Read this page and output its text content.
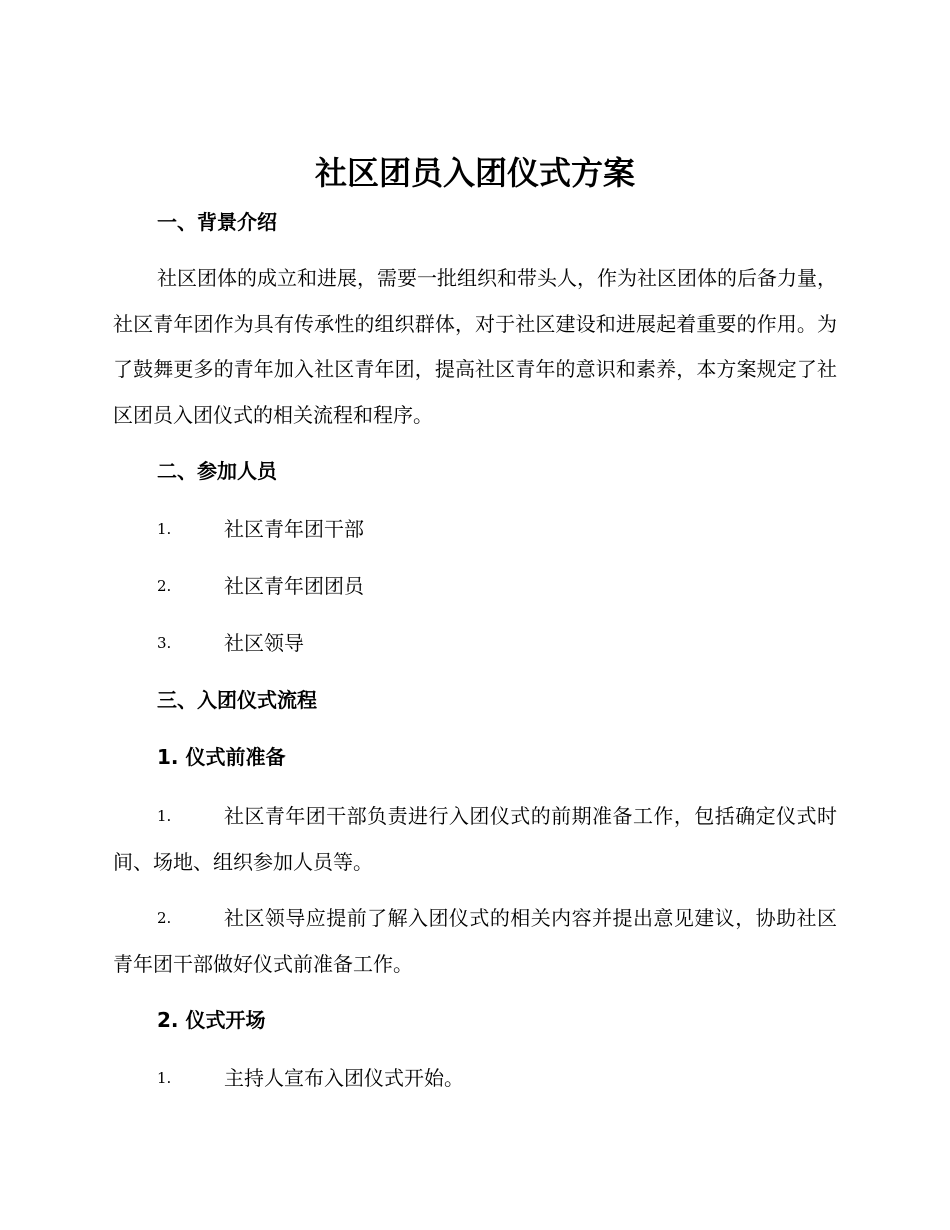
社区团员入团仪式方案
一、背景介绍

社区团体的成立和进展，需要一批组织和带头人，作为社区团体的后备力量，社区青年团作为具有传承性的组织群体，对于社区建设和进展起着重要的作用。为了鼓舞更多的青年加入社区青年团，提高社区青年的意识和素养，本方案规定了社区团员入团仪式的相关流程和程序。

二、参加人员
1.	社区青年团干部
2.	社区青年团团员
3.	社区领导
三、入团仪式流程
1. 仪式前准备
1.	社区青年团干部负责进行入团仪式的前期准备工作，包括确定仪式时间、场地、组织参加人员等。
2.	社区领导应提前了解入团仪式的相关内容并提出意见建议，协助社区青年团干部做好仪式前准备工作。
2. 仪式开场
1.	主持人宣布入团仪式开始。
